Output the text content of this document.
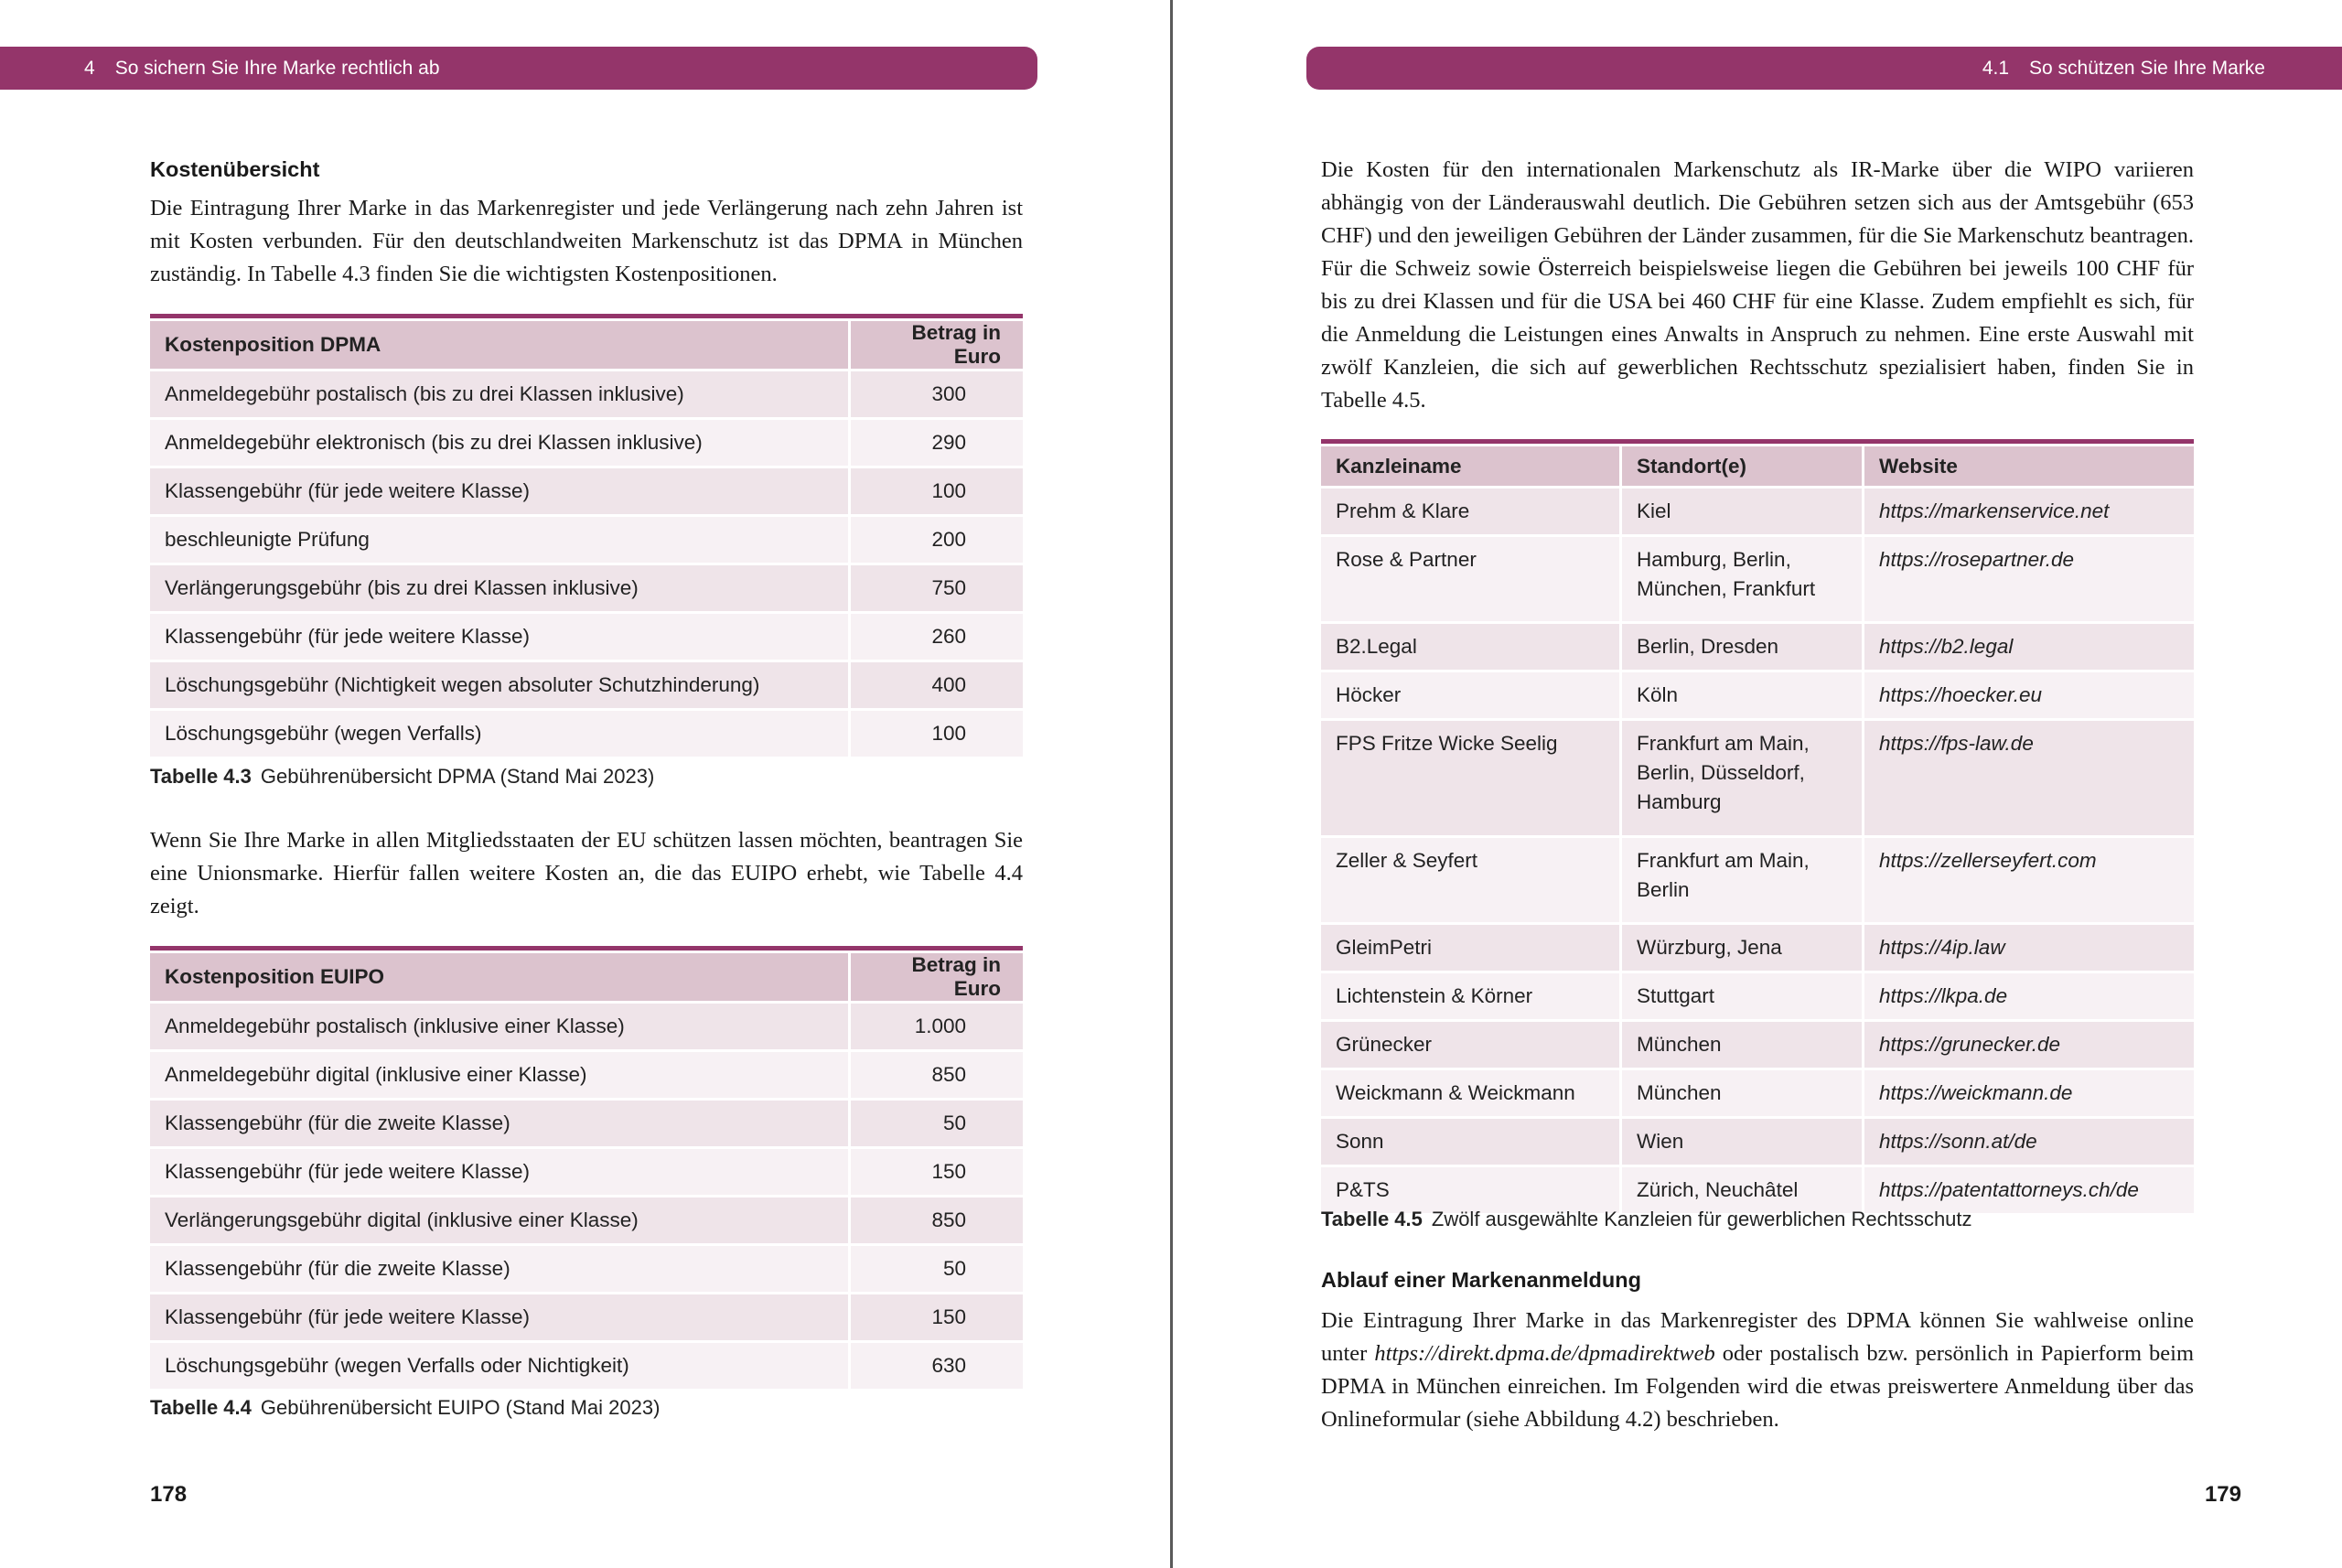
4 So sichern Sie Ihre Marke rechtlich ab
Kostenübersicht

Die Eintragung Ihrer Marke in das Markenregister und jede Verlängerung nach zehn Jahren ist mit Kosten verbunden. Für den deutschlandweiten Markenschutz ist das DPMA in München zuständig. In Tabelle 4.3 finden Sie die wichtigsten Kostenpositionen.

Kostenposition DPMA	Betrag in Euro
Anmeldegebühr postalisch (bis zu drei Klassen inklusive)	300
Anmeldegebühr elektronisch (bis zu drei Klassen inklusive)	290
Klassengebühr (für jede weitere Klasse)	100
beschleunigte Prüfung	200
Verlängerungsgebühr (bis zu drei Klassen inklusive)	750
Klassengebühr (für jede weitere Klasse)	260
Löschungsgebühr (Nichtigkeit wegen absoluter Schutzhinderung)	400
Löschungsgebühr (wegen Verfalls)	100
Tabelle 4.3 Gebührenübersicht DPMA (Stand Mai 2023)

Wenn Sie Ihre Marke in allen Mitgliedsstaaten der EU schützen lassen möchten, beantragen Sie eine Unionsmarke. Hierfür fallen weitere Kosten an, die das EUIPO erhebt, wie Tabelle 4.4 zeigt.

Kostenposition EUIPO	Betrag in Euro
Anmeldegebühr postalisch (inklusive einer Klasse)	1.000
Anmeldegebühr digital (inklusive einer Klasse)	850
Klassengebühr (für die zweite Klasse)	50
Klassengebühr (für jede weitere Klasse)	150
Verlängerungsgebühr digital (inklusive einer Klasse)	850
Klassengebühr (für die zweite Klasse)	50
Klassengebühr (für jede weitere Klasse)	150
Löschungsgebühr (wegen Verfalls oder Nichtigkeit)	630
Tabelle 4.4 Gebührenübersicht EUIPO (Stand Mai 2023)
178
4.1 So schützen Sie Ihre Marke

Die Kosten für den internationalen Markenschutz als IR-Marke über die WIPO variieren abhängig von der Länderauswahl deutlich. Die Gebühren setzen sich aus der Amtsgebühr (653 CHF) und den jeweiligen Gebühren der Länder zusammen, für die Sie Markenschutz beantragen. Für die Schweiz sowie Österreich beispielsweise liegen die Gebühren bei jeweils 100 CHF für bis zu drei Klassen und für die USA bei 460 CHF für eine Klasse. Zudem empfiehlt es sich, für die Anmeldung die Leistungen eines Anwalts in Anspruch zu nehmen. Eine erste Auswahl mit zwölf Kanzleien, die sich auf gewerblichen Rechtsschutz spezialisiert haben, finden Sie in Tabelle 4.5.

Kanzleiname	Standort(e)	Website
Prehm & Klare	Kiel	https://markenservice.net
Rose & Partner	Hamburg, Berlin, München, Frankfurt	https://rosepartner.de
B2.Legal	Berlin, Dresden	https://b2.legal
Höcker	Köln	https://hoecker.eu
FPS Fritze Wicke Seelig	Frankfurt am Main, Berlin, Düsseldorf, Hamburg	https://fps-law.de
Zeller & Seyfert	Frankfurt am Main, Berlin	https://zellerseyfert.com
GleimPetri	Würzburg, Jena	https://4ip.law
Lichtenstein & Körner	Stuttgart	https://lkpa.de
Grünecker	München	https://grunecker.de
Weickmann & Weickmann	München	https://weickmann.de
Sonn	Wien	https://sonn.at/de
P&TS	Zürich, Neuchâtel	https://patentattorneys.ch/de
Tabelle 4.5 Zwölf ausgewählte Kanzleien für gewerblichen Rechtsschutz
Ablauf einer Markenanmeldung

Die Eintragung Ihrer Marke in das Markenregister des DPMA können Sie wahlweise online unter https://direkt.dpma.de/dpmadirektweb oder postalisch bzw. persönlich in Papierform beim DPMA in München einreichen. Im Folgenden wird die etwas preiswertere Anmeldung über das Onlineformular (siehe Abbildung 4.2) beschrieben.

179
